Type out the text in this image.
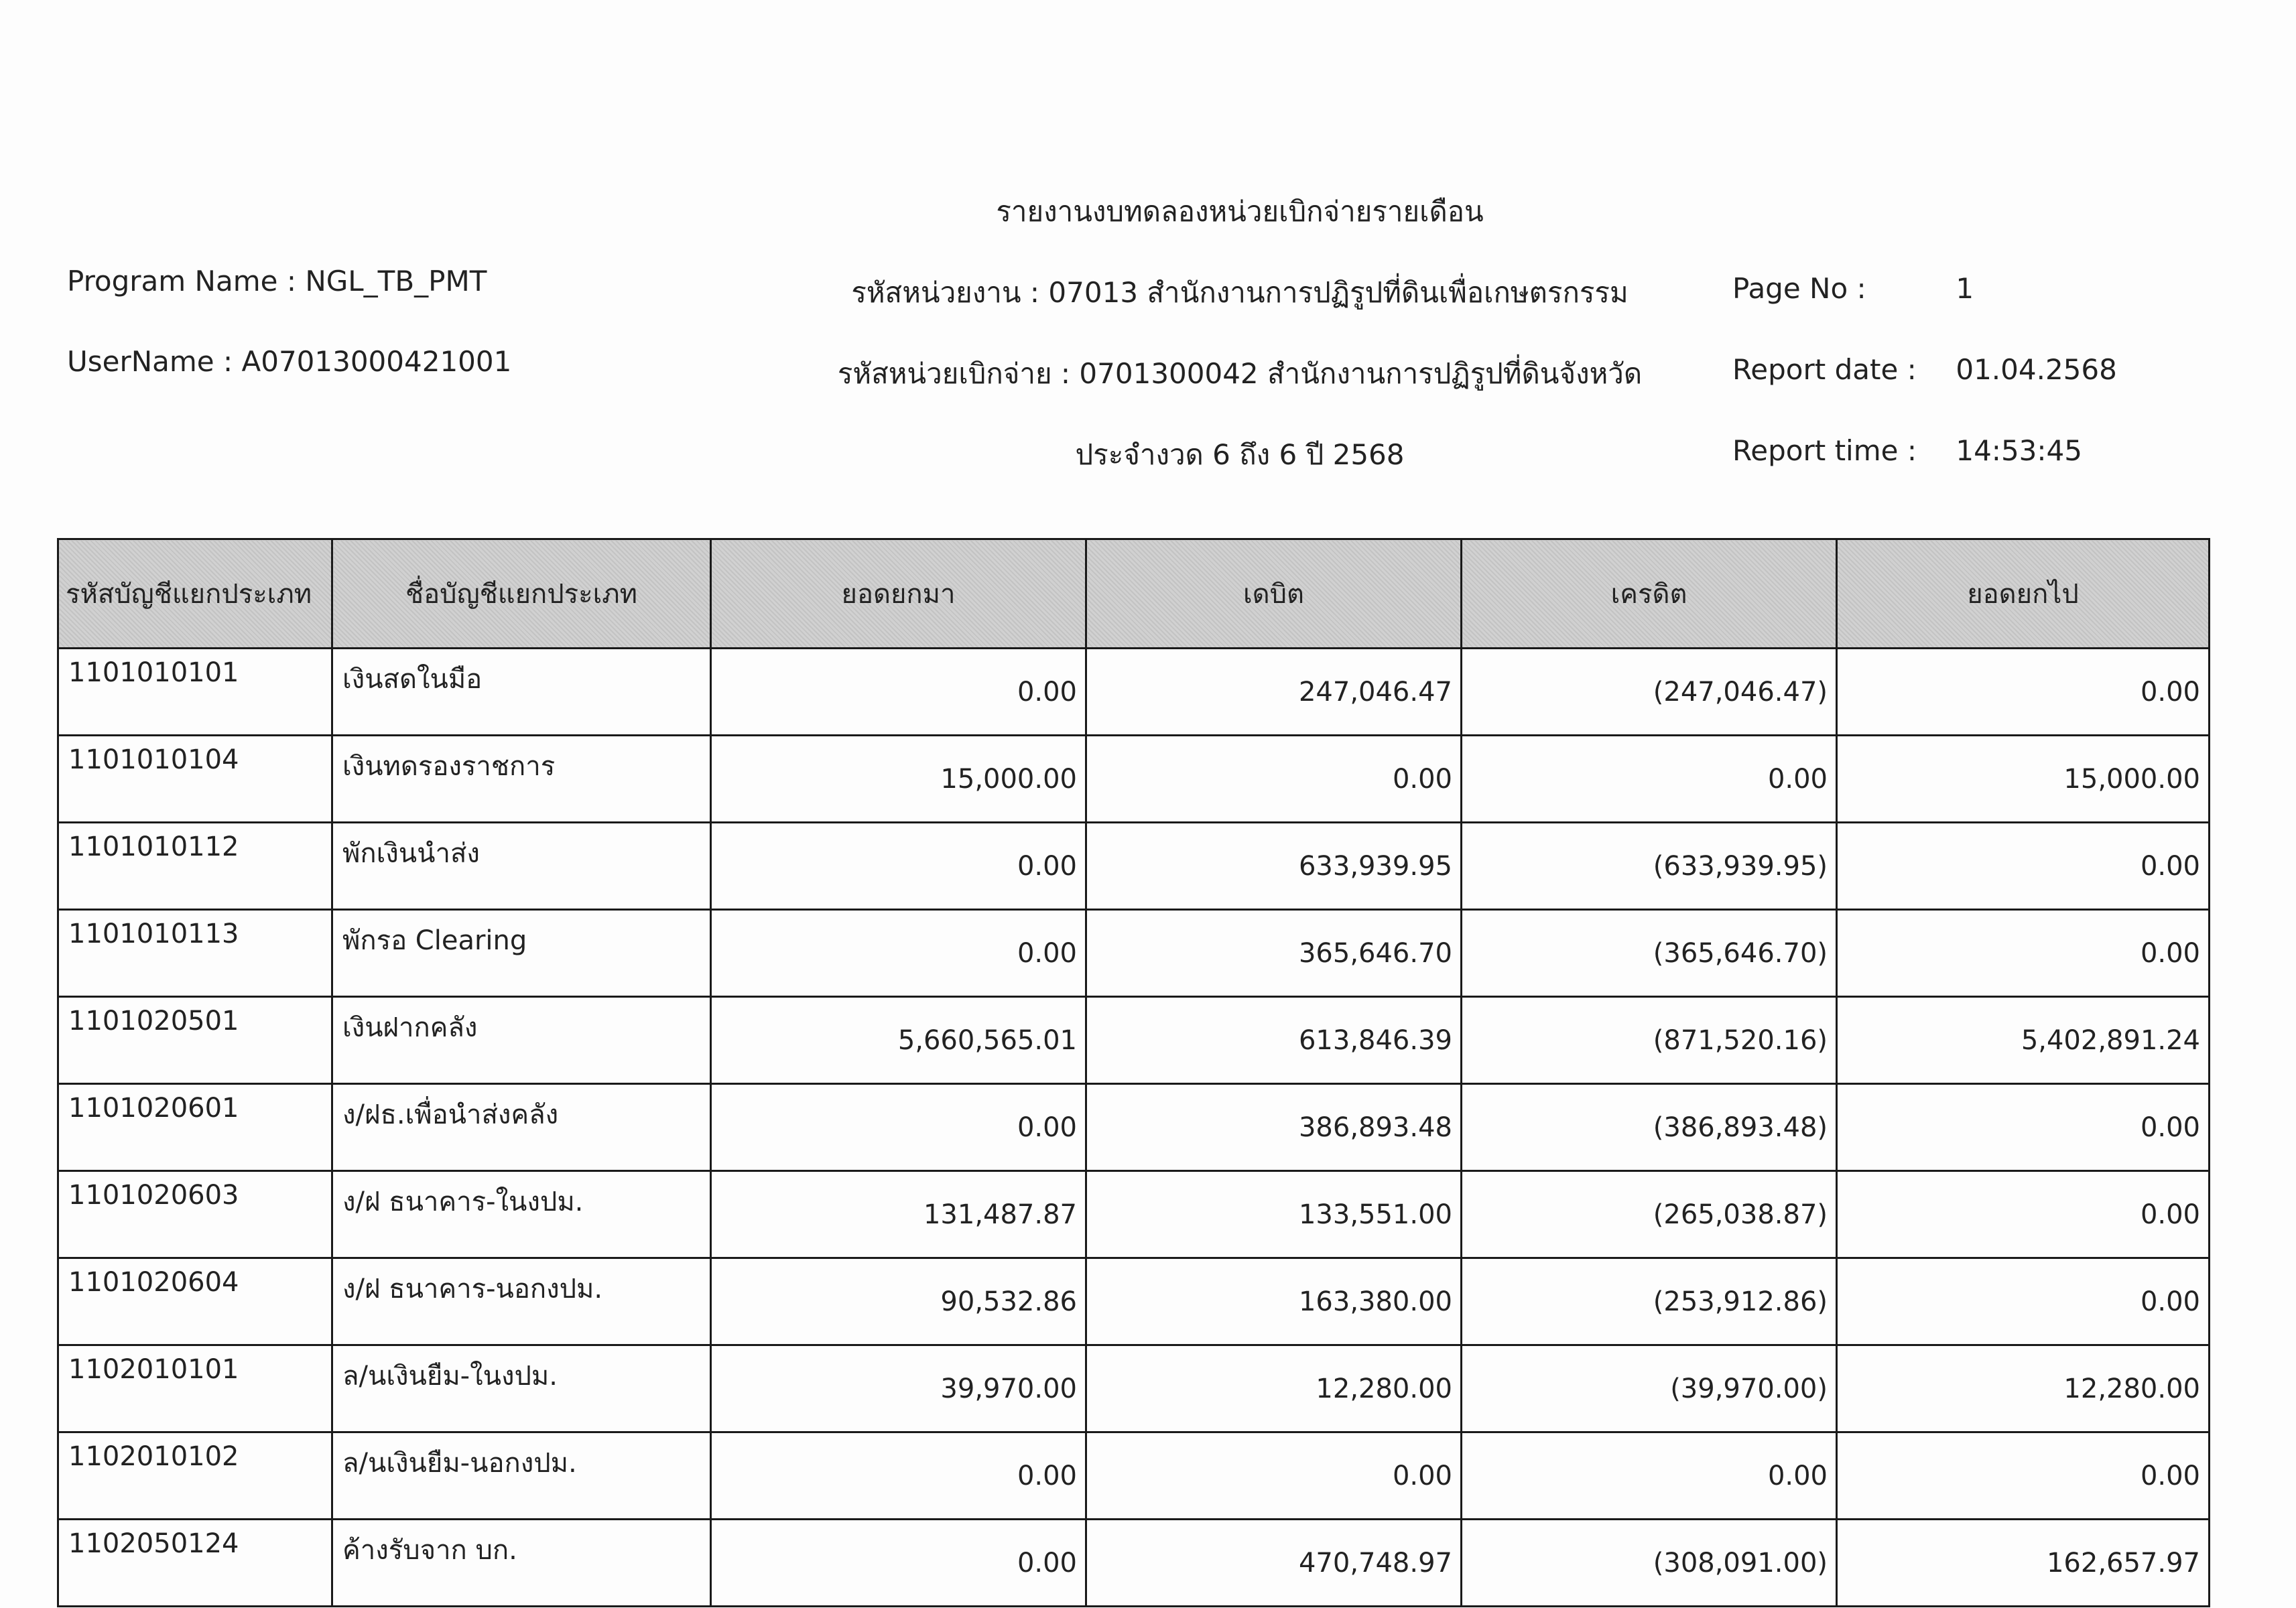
Program Name : NGL_TB_PMT
UserName : A07013000421001
รายงานงบทดลองหน่วยเบิกจ่ายรายเดือน
รหัสหน่วยงาน : 07013 สำนักงานการปฏิรูปที่ดินเพื่อเกษตรกรรม
รหัสหน่วยเบิกจ่าย : 0701300042 สำนักงานการปฏิรูปที่ดินจังหวัด
ประจำงวด 6 ถึง 6 ปี 2568
Page No :	1
Report date : 01.04.2568
Report time : 14:53:45
รหัสบัญชีแยกประเภท	ชื่อบัญชีแยกประเภท	ยอดยกมา	เดบิต	เครดิต	ยอดยกไป
1101010101	เงินสดในมือ	0.00	247,046.47	(247,046.47)	0.00
1101010104	เงินทดรองราชการ	15,000.00	0.00	0.00	15,000.00
1101010112	พักเงินนำส่ง	0.00	633,939.95	(633,939.95)	0.00
1101010113	พักรอ Clearing	0.00	365,646.70	(365,646.70)	0.00
1101020501	เงินฝากคลัง	5,660,565.01	613,846.39	(871,520.16)	5,402,891.24
1101020601	ง/ฝธ.เพื่อนำส่งคลัง	0.00	386,893.48	(386,893.48)	0.00
1101020603	ง/ฝ ธนาคาร-ในงปม.	131,487.87	133,551.00	(265,038.87)	0.00
1101020604	ง/ฝ ธนาคาร-นอกงปม.	90,532.86	163,380.00	(253,912.86)	0.00
1102010101	ล/นเงินยืม-ในงปม.	39,970.00	12,280.00	(39,970.00)	12,280.00
1102010102	ล/นเงินยืม-นอกงปม.	0.00	0.00	0.00	0.00
1102050124	ค้างรับจาก บก.	0.00	470,748.97	(308,091.00)	162,657.97
